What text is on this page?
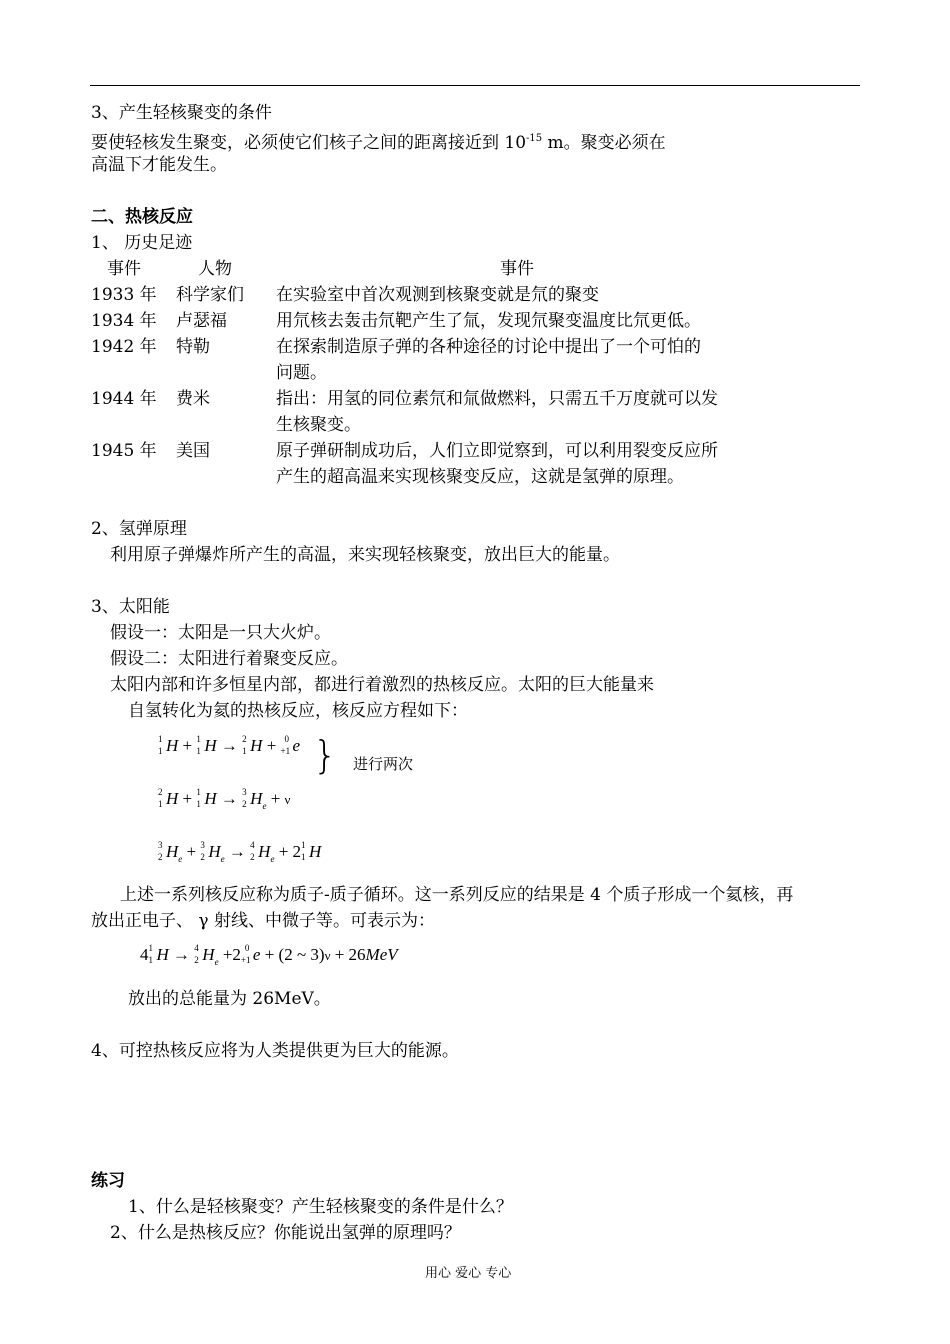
3、产生轻核聚变的条件
要使轻核发生聚变，必须使它们核子之间的距离接近到 $10^{-15}$ m。聚变必须在
高温下才能发生。
二、热核反应
1、 历史足迹
事件	人物	事件
1933 年 科学家们 在实验室中首次观测到核聚变就是氘的聚变
1934 年 卢瑟福	用氘核去轰击氘靶产生了氚，发现氘聚变温度比氘更低。
1942 年 特勒	在探索制造原子弹的各种途径的讨论中提出了一个可怕的
问题。
1944 年 费米	指出：用氢的同位素氘和氚做燃料，只需五千万度就可以发
生核聚变。
1945 年 美国	原子弹研制成功后，人们立即觉察到，可以利用裂变反应所
产生的超高温来实现核聚变反应，这就是氢弹的原理。
2、氢弹原理
利用原子弹爆炸所产生的高温，来实现轻核聚变，放出巨大的能量。
3、太阳能
假设一：太阳是一只大火炉。
假设二：太阳进行着聚变反应。
太阳内部和许多恒星内部，都进行着激烈的热核反应。太阳的巨大能量来
自氢转化为氦的热核反应，核反应方程如下：
1
1 H + 1
1 H → 2
1 H + 0
+1 e } 进行两次
2
1 H + 1
1 H → 3
2 $H_e + \nu$
3
2 $H_e + 3$
2 $H_e \to 4$
2 $H_e + 2$ 1
1 H
上述一系列核反应称为质子-质子循环。这一系列反应的结果是 4 个质子形成一个氦核，再
放出正电子、 γ 射线、中微子等。可表示为：
4 1
1 H → 4
2 $H_e +2$ 0
+1 e + (2 ~ 3)ν + 26MeV
放出的总能量为 26MeV。
4、可控热核反应将为人类提供更为巨大的能源。
练习
1、什么是轻核聚变？产生轻核聚变的条件是什么？
2、什么是热核反应？你能说出氢弹的原理吗？
用心 爱心 专心
